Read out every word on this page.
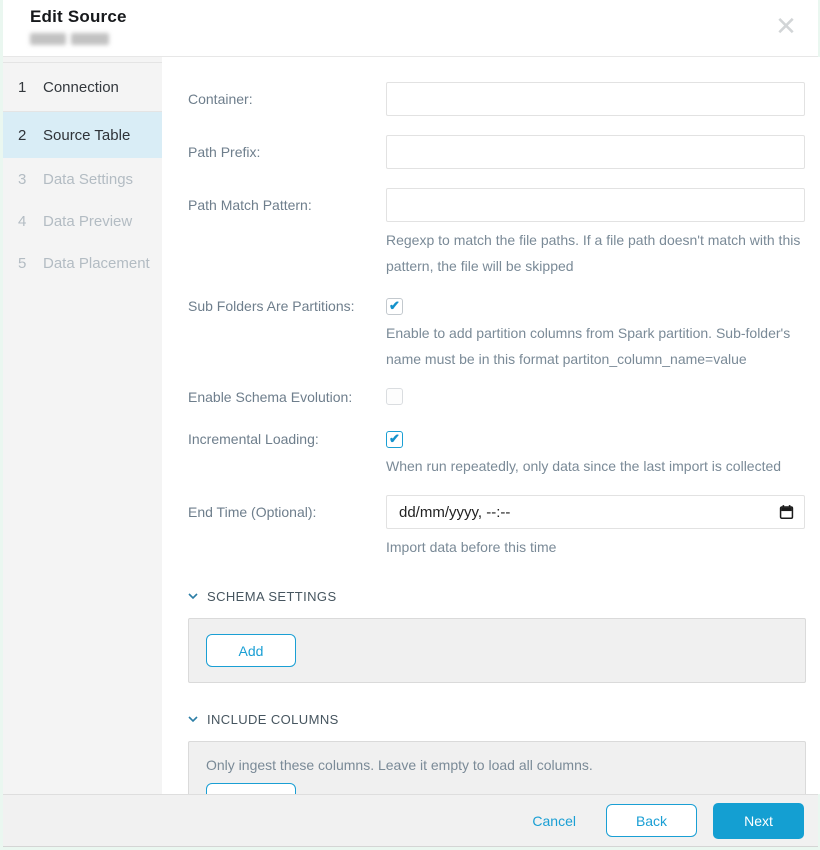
Edit Source	✕
1	Connection
2	Source Table
3	Data Settings
4	Data Preview
5	Data Placement
Container:
Path Prefix:
Path Match Pattern:
Regexp to match the file paths. If a file path doesn't match with this pattern, the file will be skipped
Sub Folders Are Partitions:
✔
Enable to add partition columns from Spark partition. Sub-folder's name must be in this format partiton_column_name=value
Enable Schema Evolution:
Incremental Loading:
✔
When run repeatedly, only data since the last import is collected
End Time (Optional):
dd/mm/yyyy, --:--
Import data before this time
SCHEMA SETTINGS
Add
INCLUDE COLUMNS
Only ingest these columns. Leave it empty to load all columns.
Cancel	Back	Next
